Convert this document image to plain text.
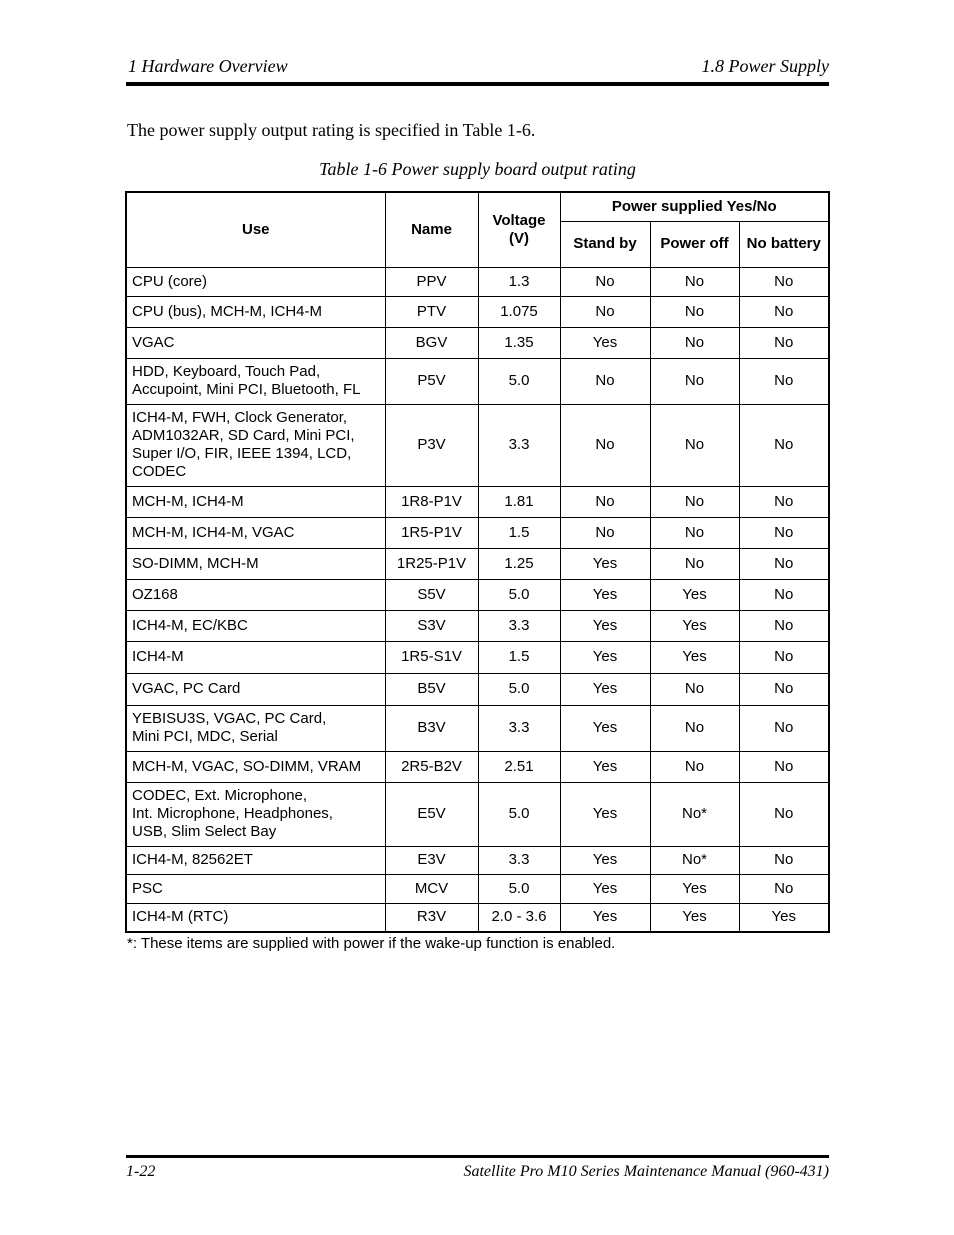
1 Hardware Overview	1.8 Power Supply
The power supply output rating is specified in Table 1-6.
Table 1-6 Power supply board output rating
Use	Name	Voltage (V)	Power supplied Yes/No		
			Stand by	Power off	No battery

CPU (core)	PPV	1.3	No	No	No

CPU (bus), MCH-M, ICH4-M	PTV	1.075	No	No	No

VGAC	BGV	1.35	Yes	No	No

HDD, Keyboard, Touch Pad,
Accupoint, Mini PCI, Bluetooth, FL	P5V	5.0	No	No	No

ICH4-M, FWH, Clock Generator,
ADM1032AR, SD Card, Mini PCI,
Super I/O, FIR, IEEE 1394, LCD,
CODEC	P3V	3.3	No	No	No

MCH-M, ICH4-M	1R8-P1V	1.81	No	No	No

MCH-M, ICH4-M, VGAC	1R5-P1V	1.5	No	No	No

SO-DIMM, MCH-M	1R25-P1V	1.25	Yes	No	No

OZ168	S5V	5.0	Yes	Yes	No

ICH4-M, EC/KBC	S3V	3.3	Yes	Yes	No

ICH4-M	1R5-S1V	1.5	Yes	Yes	No

VGAC, PC Card	B5V	5.0	Yes	No	No

YEBISU3S, VGAC, PC Card,
Mini PCI, MDC, Serial	B3V	3.3	Yes	No	No

MCH-M, VGAC, SO-DIMM, VRAM	2R5-B2V	2.51	Yes	No	No

CODEC, Ext. Microphone,
Int. Microphone, Headphones,
USB, Slim Select Bay	E5V	5.0	Yes	No*	No

ICH4-M, 82562ET	E3V	3.3	Yes	No*	No

PSC	MCV	5.0	Yes	Yes	No

ICH4-M (RTC)	R3V	2.0 - 3.6	Yes	Yes	Yes
*: These items are supplied with power if the wake-up function is enabled.
1-22	Satellite Pro M10 Series Maintenance Manual (960-431)
